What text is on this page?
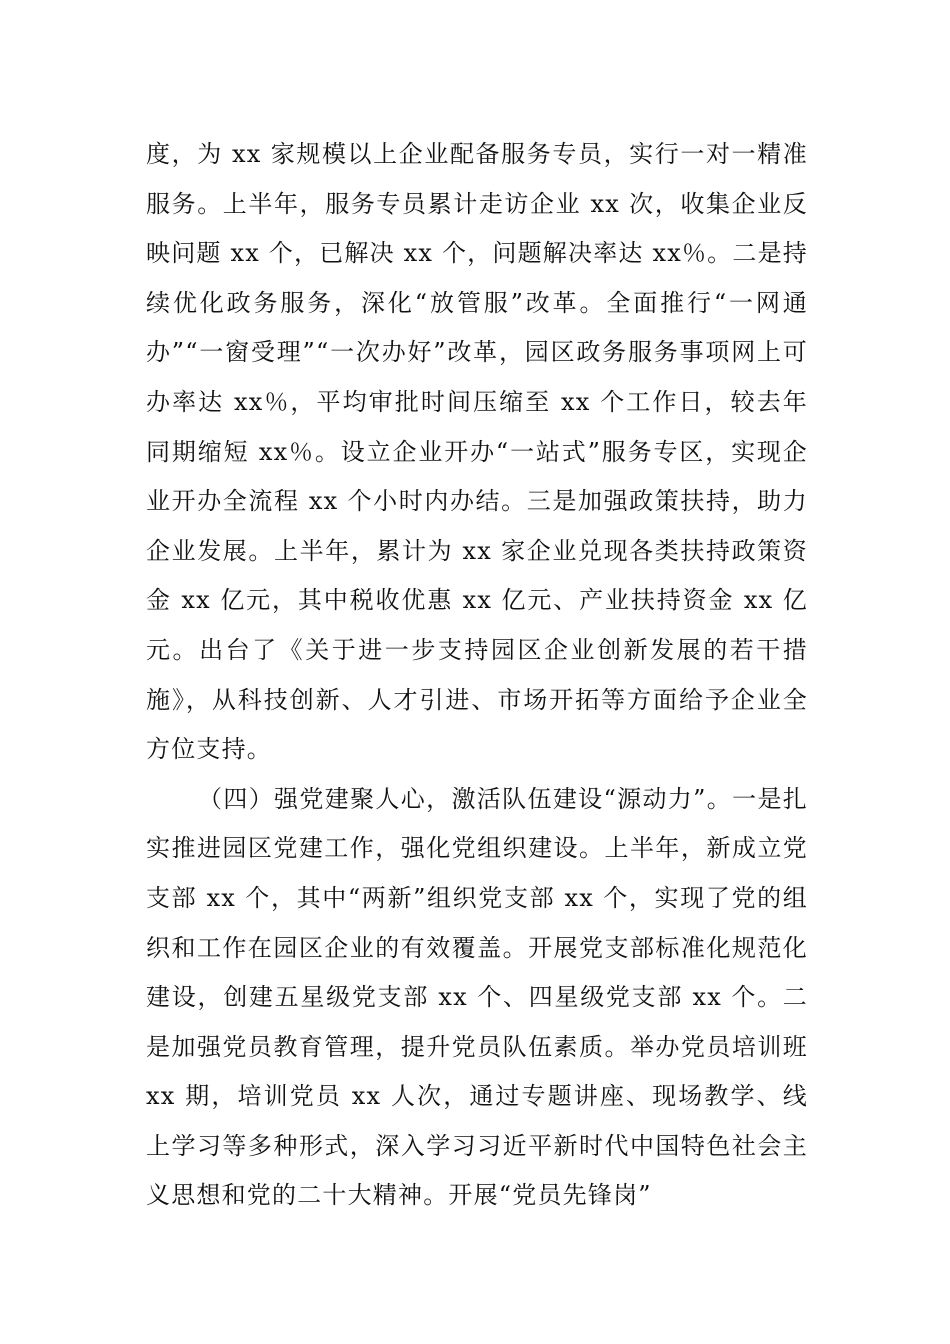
度，为 xx 家规模以上企业配备服务专员，实行一对一精准服务。上半年，服务专员累计走访企业 xx 次，收集企业反映问题 xx 个，已解决 xx 个，问题解决率达 xx％。二是持续优化政务服务，深化“放管服”改革。全面推行“一网通办”“一窗受理”“一次办好”改革，园区政务服务事项网上可办率达 xx％，平均审批时间压缩至 xx 个工作日，较去年同期缩短 xx％。设立企业开办“一站式”服务专区，实现企业开办全流程 xx 个小时内办结。三是加强政策扶持，助力企业发展。上半年，累计为 xx 家企业兑现各类扶持政策资金 xx 亿元，其中税收优惠 xx 亿元、产业扶持资金 xx 亿元。出台了《关于进一步支持园区企业创新发展的若干措施》，从科技创新、人才引进、市场开拓等方面给予企业全方位支持。

（四）强党建聚人心，激活队伍建设“源动力”。一是扎实推进园区党建工作，强化党组织建设。上半年，新成立党支部 xx 个，其中“两新”组织党支部 xx 个，实现了党的组织和工作在园区企业的有效覆盖。开展党支部标准化规范化建设，创建五星级党支部 xx 个、四星级党支部 xx 个。二是加强党员教育管理，提升党员队伍素质。举办党员培训班 xx 期，培训党员 xx 人次，通过专题讲座、现场教学、线上学习等多种形式，深入学习习近平新时代中国特色社会主义思想和党的二十大精神。开展“党员先锋岗”
